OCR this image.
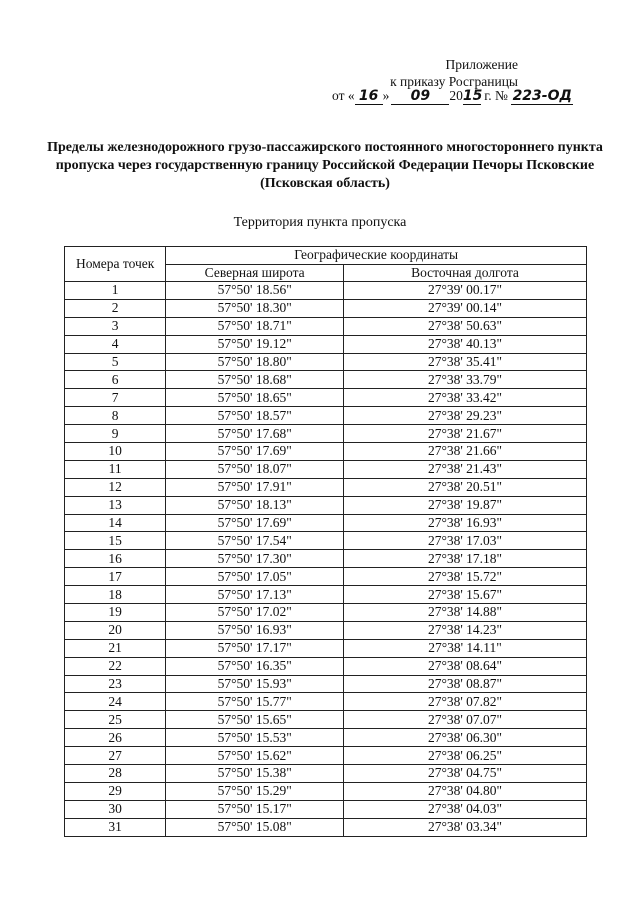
Приложение
к приказу Росграницы
от « 16 » 09 2015 г. № 223-ОД
Пределы железнодорожного грузо-пассажирского постоянного многостороннего пункта пропуска через государственную границу Российской Федерации Печоры Псковские (Псковская область)
Территория пункта пропуска
Номера точек	Географические координаты	
	Северная широта	Восточная долгота
1	57°50' 18.56"	27°39' 00.17"
2	57°50' 18.30"	27°39' 00.14"
3	57°50' 18.71"	27°38' 50.63"
4	57°50' 19.12"	27°38' 40.13"
5	57°50' 18.80"	27°38' 35.41"
6	57°50' 18.68"	27°38' 33.79"
7	57°50' 18.65"	27°38' 33.42"
8	57°50' 18.57"	27°38' 29.23"
9	57°50' 17.68"	27°38' 21.67"
10	57°50' 17.69"	27°38' 21.66"
11	57°50' 18.07"	27°38' 21.43"
12	57°50' 17.91"	27°38' 20.51"
13	57°50' 18.13"	27°38' 19.87"
14	57°50' 17.69"	27°38' 16.93"
15	57°50' 17.54"	27°38' 17.03"
16	57°50' 17.30"	27°38' 17.18"
17	57°50' 17.05"	27°38' 15.72"
18	57°50' 17.13"	27°38' 15.67"
19	57°50' 17.02"	27°38' 14.88"
20	57°50' 16.93"	27°38' 14.23"
21	57°50' 17.17"	27°38' 14.11"
22	57°50' 16.35"	27°38' 08.64"
23	57°50' 15.93"	27°38' 08.87"
24	57°50' 15.77"	27°38' 07.82"
25	57°50' 15.65"	27°38' 07.07"
26	57°50' 15.53"	27°38' 06.30"
27	57°50' 15.62"	27°38' 06.25"
28	57°50' 15.38"	27°38' 04.75"
29	57°50' 15.29"	27°38' 04.80"
30	57°50' 15.17"	27°38' 04.03"
31	57°50' 15.08"	27°38' 03.34"
